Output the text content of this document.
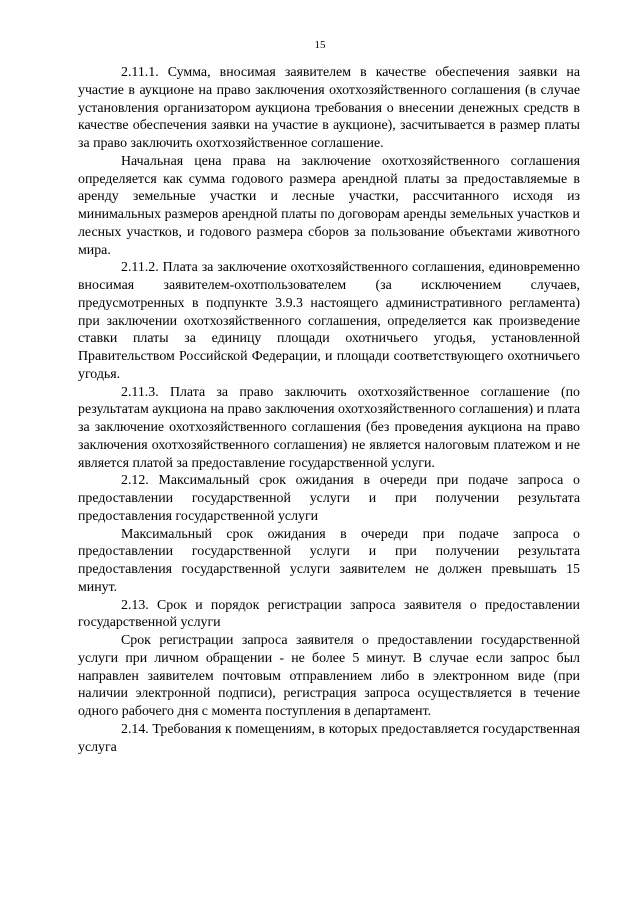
15

2.11.1. Сумма, вносимая заявителем в качестве обеспечения заявки на участие в аукционе на право заключения охотхозяйственного соглашения (в случае установления организатором аукциона требования о внесении денежных средств в качестве обеспечения заявки на участие в аукционе), засчитывается в размер платы за право заключить охотхозяйственное соглашение.

Начальная цена права на заключение охотхозяйственного соглашения определяется как сумма годового размера арендной платы за предоставляемые в аренду земельные участки и лесные участки, рассчитанного исходя из минимальных размеров арендной платы по договорам аренды земельных участков и лесных участков, и годового размера сборов за пользование объектами животного мира.

2.11.2. Плата за заключение охотхозяйственного соглашения, единовременно вносимая заявителем-охотпользователем (за исключением случаев, предусмотренных в подпункте 3.9.3 настоящего административного регламента) при заключении охотхозяйственного соглашения, определяется как произведение ставки платы за единицу площади охотничьего угодья, установленной Правительством Российской Федерации, и площади соответствующего охотничьего угодья.

2.11.3. Плата за право заключить охотхозяйственное соглашение (по результатам аукциона на право заключения охотхозяйственного соглашения) и плата за заключение охотхозяйственного соглашения (без проведения аукциона на право заключения охотхозяйственного соглашения) не является налоговым платежом и не является платой за предоставление государственной услуги.

2.12. Максимальный срок ожидания в очереди при подаче запроса о предоставлении государственной услуги и при получении результата предоставления государственной услуги

Максимальный срок ожидания в очереди при подаче запроса о предоставлении государственной услуги и при получении результата предоставления государственной услуги заявителем не должен превышать 15 минут.

2.13. Срок и порядок регистрации запроса заявителя о предоставлении государственной услуги

Срок регистрации запроса заявителя о предоставлении государственной услуги при личном обращении - не более 5 минут. В случае если запрос был направлен заявителем почтовым отправлением либо в электронном виде (при наличии электронной подписи), регистрация запроса осуществляется в течение одного рабочего дня с момента поступления в департамент.

2.14. Требования к помещениям, в которых предоставляется государственная услуга
